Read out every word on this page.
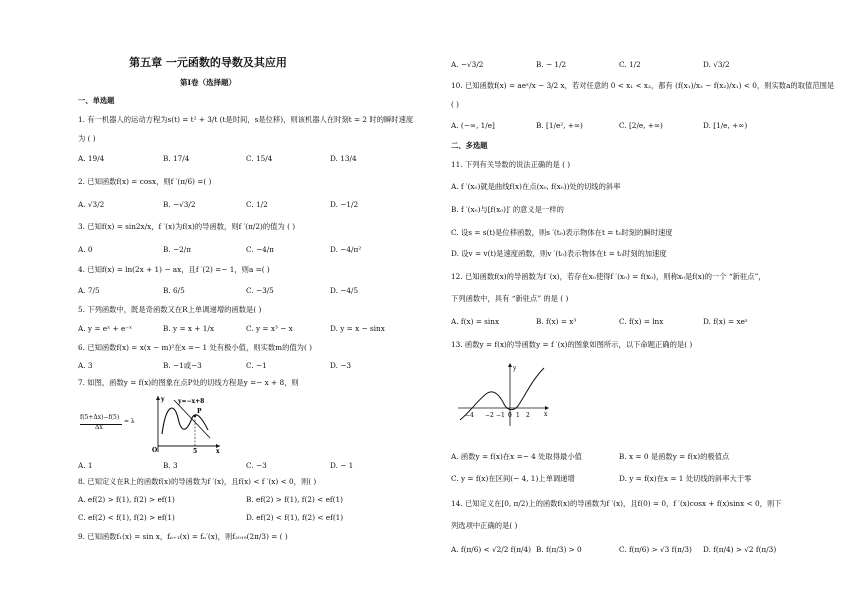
第五章 一元函数的导数及其应用
第Ⅰ卷（选择题）
一、单选题
1. 有一机器人的运动方程为s(t) = t² + 3/t (t是时间，s是位移)，则该机器人在时刻t = 2 时的瞬时速度
为 ( )
A. 19/4	B. 17/4	C. 15/4	D. 13/4
2. 已知函数f(x) = cosx，则f ′(π/6) =( )
A. √3/2	B. −√3/2	C. 1/2	D. −1/2
3. 已知f(x) = sin2x/x，f ′(x)为f(x)的导函数，则f ′(π/2)的值为 ( )
A. 0	B. −2/π	C. −4/π	D. −4/π²
4. 已知f(x) = ln(2x + 1) − ax，且f ′(2) =− 1，则a =( )
A. 7/5	B. 6/5	C. −3/5	D. −4/5
5. 下列函数中，既是奇函数又在R上单调递增的函数是( )
A. y = eˣ + e⁻ˣ	B. y = x + 1/x	C. y = x³ − x	D. y = x − sinx
6. 已知函数f(x) = x(x − m)²在x =− 1 处有极小值，则实数m的值为( )
A. 3	B. −1或−3	C. −1	D. −3
7. 如图，函数y = f(x)的图象在点P处的切线方程是y =− x + 8，则
f(5+Δx)−f(5)
Δx
= λ
y=−x+8
P
O	5	x
y
A. 1	B. 3	C. −3	D. − 1
8. 已知定义在R上的函数f(x)的导函数为f ′(x)，且f(x) < f ′(x) < 0，则( )
A. ef(2) > f(1), f(2) > ef(1)	B. ef(2) > f(1), f(2) < ef(1)
C. ef(2) < f(1), f(2) > ef(1)	D. ef(2) < f(1), f(2) < ef(1)
9. 已知函数f₁(x) = sin x，fₙ₊₁(x) = fₙ′(x)，则f₂₀₁₉(2π/3) = ( )
A. −√3/2	B. − 1/2	C. 1/2	D. √3/2
10. 已知函数f(x) = aeˣ/x − 3/2 x，若对任意的 0 < x₁ < x₂，都有 (f(x₁)/x₂ − f(x₂)/x₁) < 0，则实数a的取值范围是
( )
A. (−∞, 1/e]	B. [1/e², +∞)	C. [2/e, +∞)	D. [1/e, +∞)
二、多选题
11. 下列有关导数的说法正确的是 ( )
A. f ′(x₀)就是曲线f(x)在点(x₀, f(x₀))处的切线的斜率
B. f ′(x₀)与[f(x₀)]′ 的意义是一样的
C. 设s = s(t)是位移函数，则s ′(t₀)表示物体在t = t₀时刻的瞬时速度
D. 设v = v(t)是速度函数，则v ′(t₀)表示物体在t = t₀时刻的加速度
12. 已知函数f(x)的导函数为f ′(x)，若存在x₀使得f ′(x₀) = f(x₀)，则称x₀是f(x)的一个 “新驻点”，
下列函数中，具有 “新驻点” 的是 ( )
A. f(x) = sinx	B. f(x) = x³	C. f(x) = lnx	D. f(x) = xeˣ
13. 函数y = f(x)的导函数y = f ′(x)的图象如图所示，以下命题正确的是( )
−4 −2 −1 0 1 2 x
y
A. 函数y = f(x)在x =− 4 处取得最小值	B. x = 0 是函数y = f(x)的极值点
C. y = f(x)在区间(− 4, 1)上单调递增	D. y = f(x)在x = 1 处切线的斜率大于零
14. 已知定义在[0, π/2)上的函数f(x)的导函数为f ′(x)，且f(0) = 0，f ′(x)cosx + f(x)sinx < 0，则下
列选项中正确的是( )
A. f(π/6) < √2/2 f(π/4) B. f(π/3) > 0	C. f(π/6) > √3 f(π/3) D. f(π/4) > √2 f(π/3)
